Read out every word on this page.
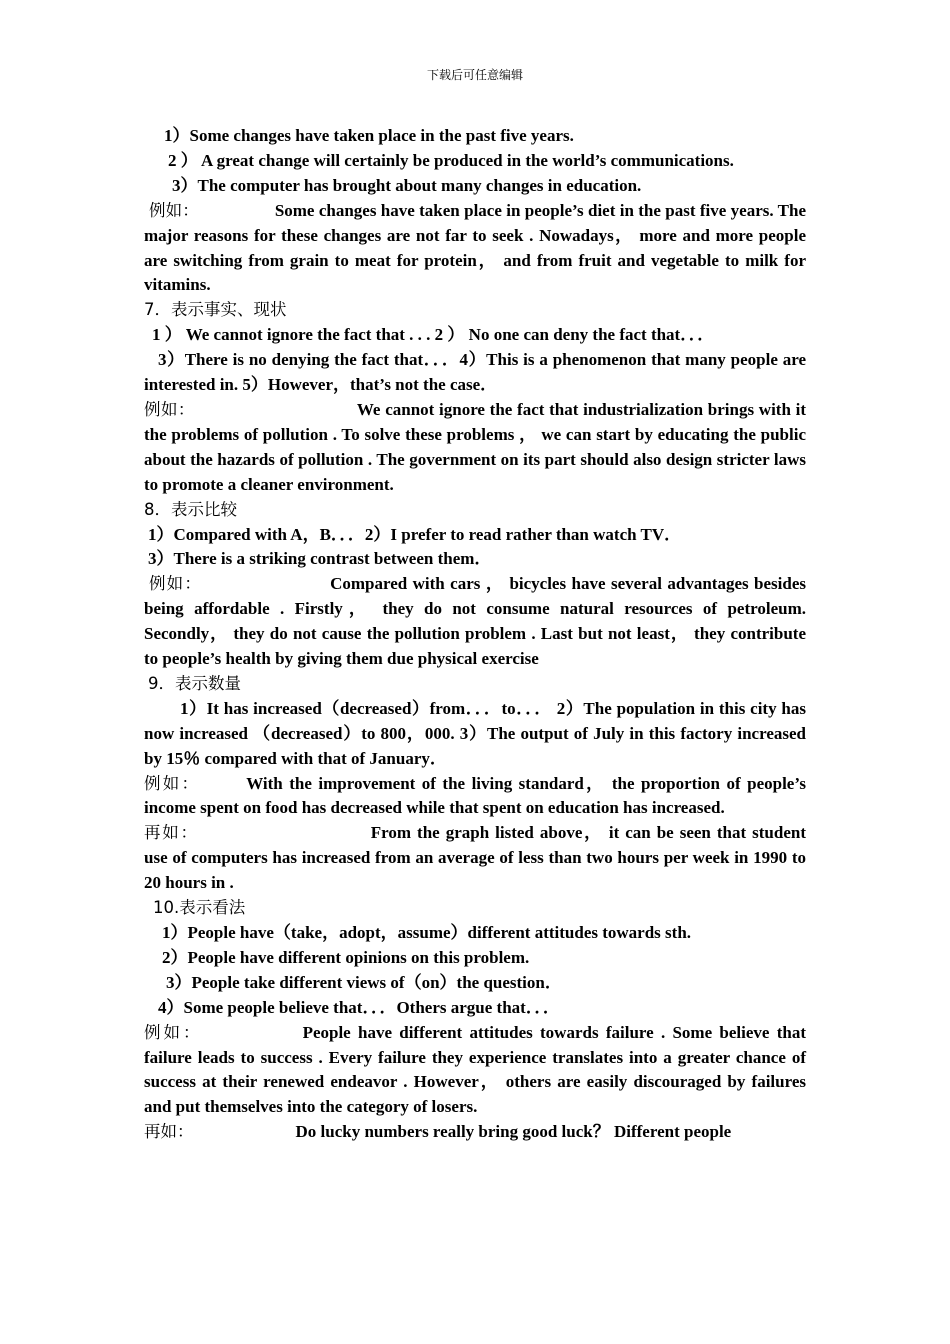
下载后可任意编辑

1）Some changes have taken place in the past five years.

2 ） A great change will certainly be produced in the world’s communications.

3）The computer has brought about many changes in education.

例如：	Some changes have taken place in people’s diet in the past five years. The major reasons for these changes are not far to seek . Nowadays， more and more people are switching from grain to meat for protein， and from fruit and vegetable to milk for vitamins.

7．表示事实、现状

1 ） We cannot ignore the fact that . . . 2 ） No one can deny the fact that．．．

3）There is no denying the fact that．．．4）This is a phenomenon that many people are interested in. 5）However，that’s not the case．

例如：	We cannot ignore the fact that industrialization brings with it the problems of pollution . To solve these problems ， we can start by educating the public about the hazards of pollution . The government on its part should also design stricter laws to promote a cleaner environment.

8．表示比较

1）Compared with A，B．．．2）I prefer to read rather than watch TV．

3）There is a striking contrast between them．

例如：	Compared with cars ， bicycles have several advantages besides being affordable . Firstly， they do not consume natural resources of petroleum. Secondly， they do not cause the pollution problem . Last but not least， they contribute to people’s health by giving them due physical exercise

9．表示数量

1）It has increased（decreased）from．．．to．．． 2）The population in this city has now increased （decreased）to 800，000. 3）The output of July in this factory increased by 15％ compared with that of January．

例如：	With the improvement of the living standard， the proportion of people’s income spent on food has decreased while that spent on education has increased.

再如：	From the graph listed above， it can be seen that student use of computers has increased from an average of less than two hours per week in 1990 to 20 hours in .

10.表示看法

1）People have（take，adopt，assume）different attitudes towards sth.

2）People have different opinions on this problem.

3）People take different views of（on）the question．

4）Some people believe that．．．Others argue that．．．

例如：	People have different attitudes towards failure . Some believe that failure leads to success . Every failure they experience translates into a greater chance of success at their renewed endeavor . However， others are easily discouraged by failures and put themselves into the category of losers.

再如：	Do lucky numbers really bring good luck？ Different people
